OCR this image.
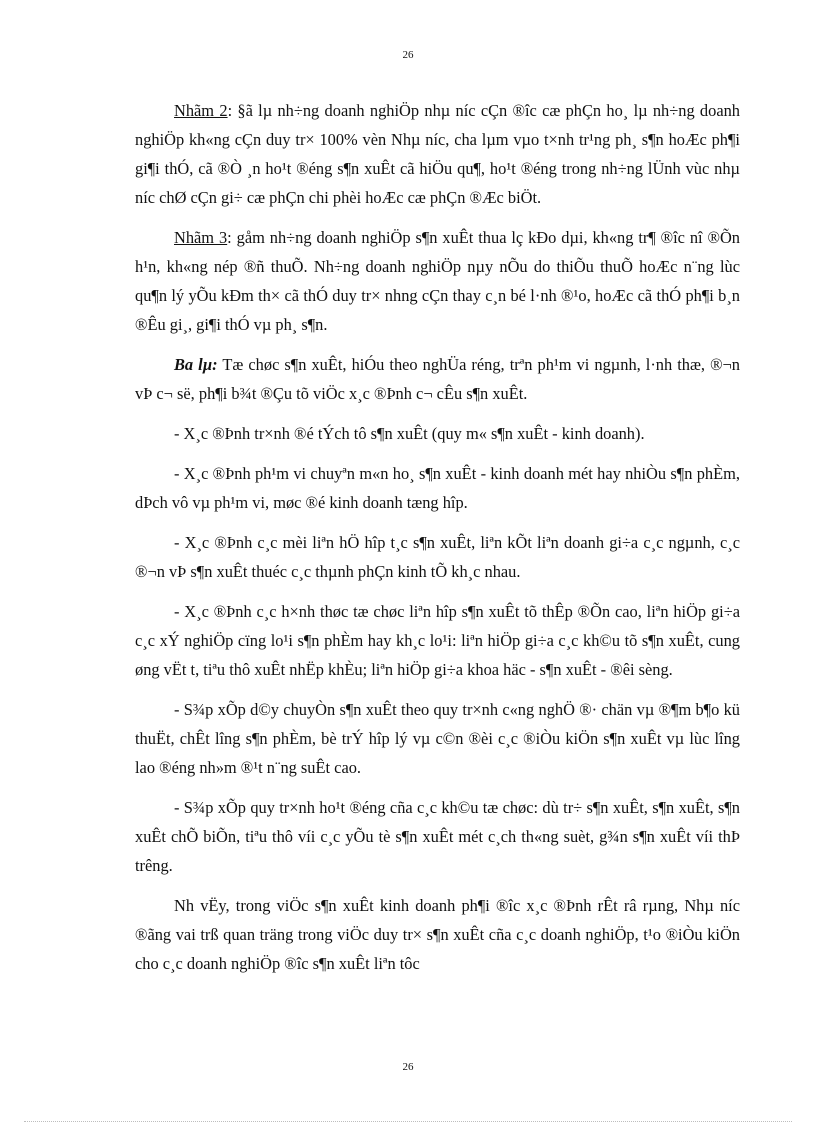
26

Nhãm 2: §ã lµ nh÷ng doanh nghiÖp nhµ níc cÇn ®îc cæ phÇn ho¸ lµ nh÷ng doanh nghiÖp kh«ng cÇn duy tr× 100% vèn Nhµ níc, cha lµm vµo t×nh tr¹ng ph¸ s¶n hoÆc ph¶i gi¶i thÓ, cã ®Ò ¸n ho¹t ®éng s¶n xuÊt cã hiÖu qu¶, ho¹t ®éng trong nh÷ng lÜnh vùc nhµ níc chØ cÇn gi÷ cæ phÇn chi phèi hoÆc cæ phÇn ®Æc biÖt.

Nhãm 3: gåm nh÷ng doanh nghiÖp s¶n xuÊt thua lç kÐo dµi, kh«ng tr¶ ®îc nî ®Õn h¹n, kh«ng nép ®ñ thuÕ. Nh÷ng doanh nghiÖp nµy nÕu do thiÕu thuÕ hoÆc n¨ng lùc qu¶n lý yÕu kÐm th× cã thÓ duy tr× nhng cÇn thay c¸n bé l·nh ®¹o, hoÆc cã thÓ ph¶i b¸n ®Êu gi¸, gi¶i thÓ vµ ph¸ s¶n.

Ba lµ: Tæ chøc s¶n xuÊt, hiÓu theo nghÜa réng, trªn ph¹m vi ngµnh, l·nh thæ, ®¬n vÞ c¬ së, ph¶i b¾t ®Çu tõ viÖc x¸c ®Þnh c¬ cÊu s¶n xuÊt.

- X¸c ®Þnh tr×nh ®é tÝch tô s¶n xuÊt (quy m« s¶n xuÊt - kinh doanh).

- X¸c ®Þnh ph¹m vi chuyªn m«n ho¸ s¶n xuÊt - kinh doanh mét hay nhiÒu s¶n phÈm, dÞch vô vµ ph¹m vi, møc ®é kinh doanh tæng hîp.

- X¸c ®Þnh c¸c mèi liªn hÖ hîp t¸c s¶n xuÊt, liªn kÕt liªn doanh gi÷a c¸c ngµnh, c¸c ®¬n vÞ s¶n xuÊt thuéc c¸c thµnh phÇn kinh tÕ kh¸c nhau.

- X¸c ®Þnh c¸c h×nh thøc tæ chøc liªn hîp s¶n xuÊt tõ thÊp ®Õn cao, liªn hiÖp gi÷a c¸c xÝ nghiÖp cïng lo¹i s¶n phÈm hay kh¸c lo¹i: liªn hiÖp gi÷a c¸c kh©u tõ s¶n xuÊt, cung øng vËt t, tiªu thô xuÊt nhËp khÈu; liªn hiÖp gi÷a khoa häc - s¶n xuÊt - ®êi sèng.

- S¾p xÕp d©y chuyÒn s¶n xuÊt theo quy tr×nh c«ng nghÖ ®· chän vµ ®¶m b¶o kü thuËt, chÊt lîng s¶n phÈm, bè trÝ hîp lý vµ c©n ®èi c¸c ®iÒu kiÖn s¶n xuÊt vµ lùc lîng lao ®éng nh»m ®¹t n¨ng suÊt cao.

- S¾p xÕp quy tr×nh ho¹t ®éng cña c¸c kh©u tæ chøc: dù tr÷ s¶n xuÊt, s¶n xuÊt, s¶n xuÊt chÕ biÕn, tiªu thô víi c¸c yÕu tè s¶n xuÊt mét c¸ch th«ng suèt, g¾n s¶n xuÊt víi thÞ trêng.

Nh vËy, trong viÖc s¶n xuÊt kinh doanh ph¶i ®îc x¸c ®Þnh rÊt râ rµng, Nhµ níc ®ãng vai trß quan träng trong viÖc duy tr× s¶n xuÊt cña c¸c doanh nghiÖp, t¹o ®iÒu kiÖn cho c¸c doanh nghiÖp ®îc s¶n xuÊt liªn tôc

26
